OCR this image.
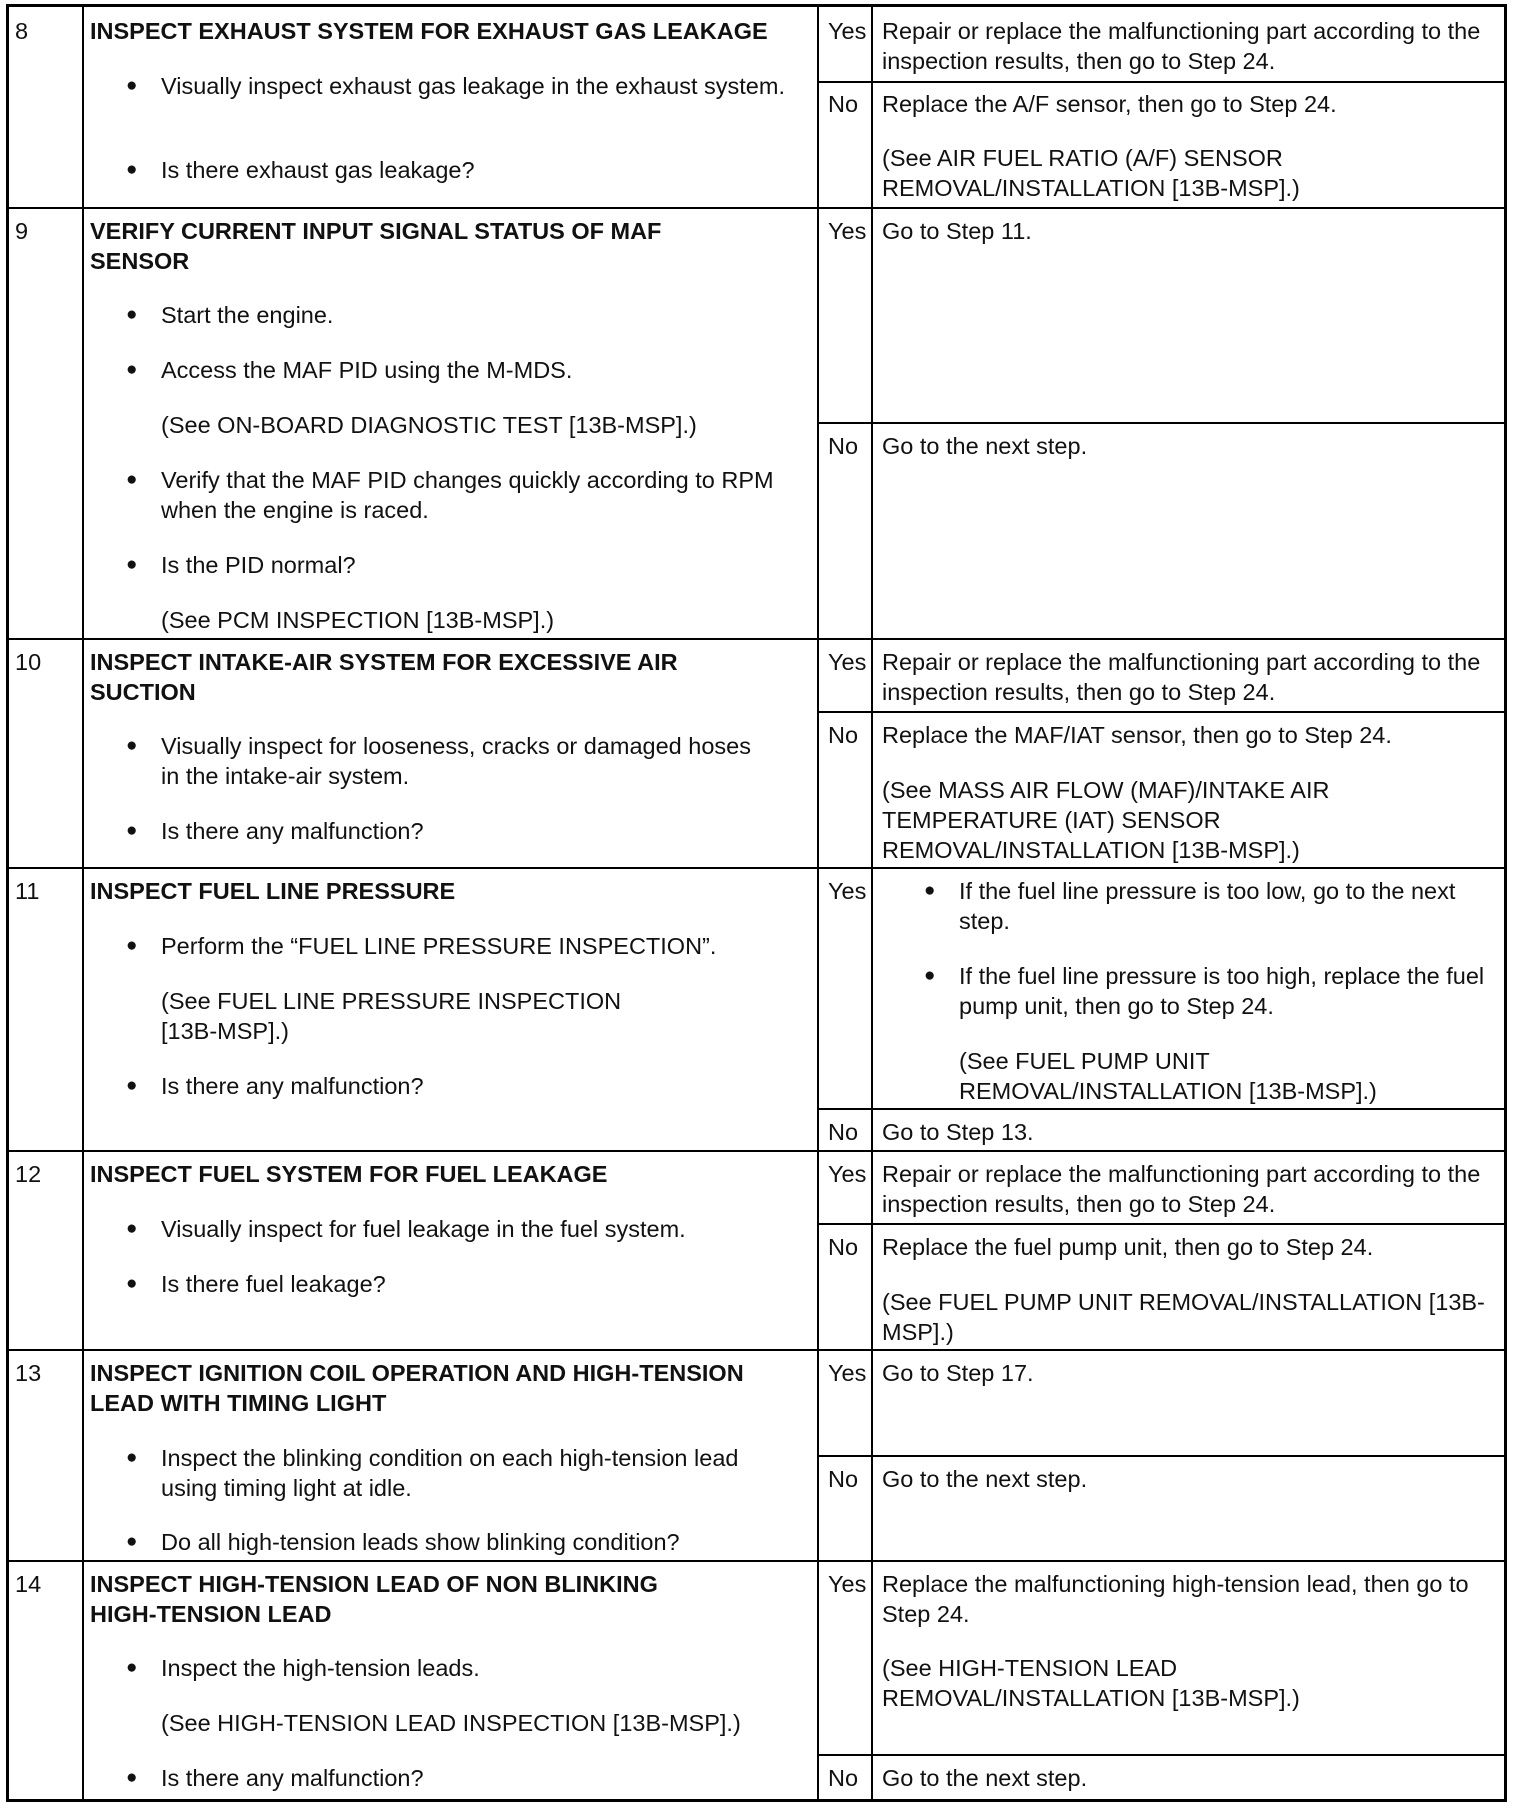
8	INSPECT EXHAUST SYSTEM FOR EXHAUST GAS LEAKAGE
● Visually inspect exhaust gas leakage in the exhaust system.
● Is there exhaust gas leakage?
Yes Repair or replace the malfunctioning part according to the inspection results, then go to Step 24.
No Replace the A/F sensor, then go to Step 24.
(See AIR FUEL RATIO (A/F) SENSOR REMOVAL/INSTALLATION [13B-MSP].)
9	VERIFY CURRENT INPUT SIGNAL STATUS OF MAF SENSOR
● Start the engine.
● Access the MAF PID using the M-MDS.
(See ON-BOARD DIAGNOSTIC TEST [13B-MSP].)
● Verify that the MAF PID changes quickly according to RPM when the engine is raced.
● Is the PID normal?
(See PCM INSPECTION [13B-MSP].)
Yes Go to Step 11.
No Go to the next step.
10 INSPECT INTAKE-AIR SYSTEM FOR EXCESSIVE AIR SUCTION
● Visually inspect for looseness, cracks or damaged hoses in the intake-air system.
● Is there any malfunction?
Yes Repair or replace the malfunctioning part according to the inspection results, then go to Step 24.
No Replace the MAF/IAT sensor, then go to Step 24.
(See MASS AIR FLOW (MAF)/INTAKE AIR TEMPERATURE (IAT) SENSOR REMOVAL/INSTALLATION [13B-MSP].)
11 INSPECT FUEL LINE PRESSURE
● Perform the “FUEL LINE PRESSURE INSPECTION”.
(See FUEL LINE PRESSURE INSPECTION [13B-MSP].)
● Is there any malfunction?
Yes
●	If the fuel line pressure is too low, go to the next step.
● If the fuel line pressure is too high, replace the fuel pump unit, then go to Step 24.
(See FUEL PUMP UNIT REMOVAL/INSTALLATION [13B-MSP].)
No Go to Step 13.
12 INSPECT FUEL SYSTEM FOR FUEL LEAKAGE
● Visually inspect for fuel leakage in the fuel system.
● Is there fuel leakage?
Yes Repair or replace the malfunctioning part according to the inspection results, then go to Step 24.
No Replace the fuel pump unit, then go to Step 24.
(See FUEL PUMP UNIT REMOVAL/INSTALLATION [13B-MSP].)
13 INSPECT IGNITION COIL OPERATION AND HIGH-TENSION LEAD WITH TIMING LIGHT
● Inspect the blinking condition on each high-tension lead using timing light at idle.
● Do all high-tension leads show blinking condition?
Yes Go to Step 17.
No Go to the next step.
14 INSPECT HIGH-TENSION LEAD OF NON BLINKING HIGH-TENSION LEAD
● Inspect the high-tension leads.
(See HIGH-TENSION LEAD INSPECTION [13B-MSP].)
● Is there any malfunction?
Yes Replace the malfunctioning high-tension lead, then go to Step 24.
(See HIGH-TENSION LEAD REMOVAL/INSTALLATION [13B-MSP].)
No Go to the next step.
